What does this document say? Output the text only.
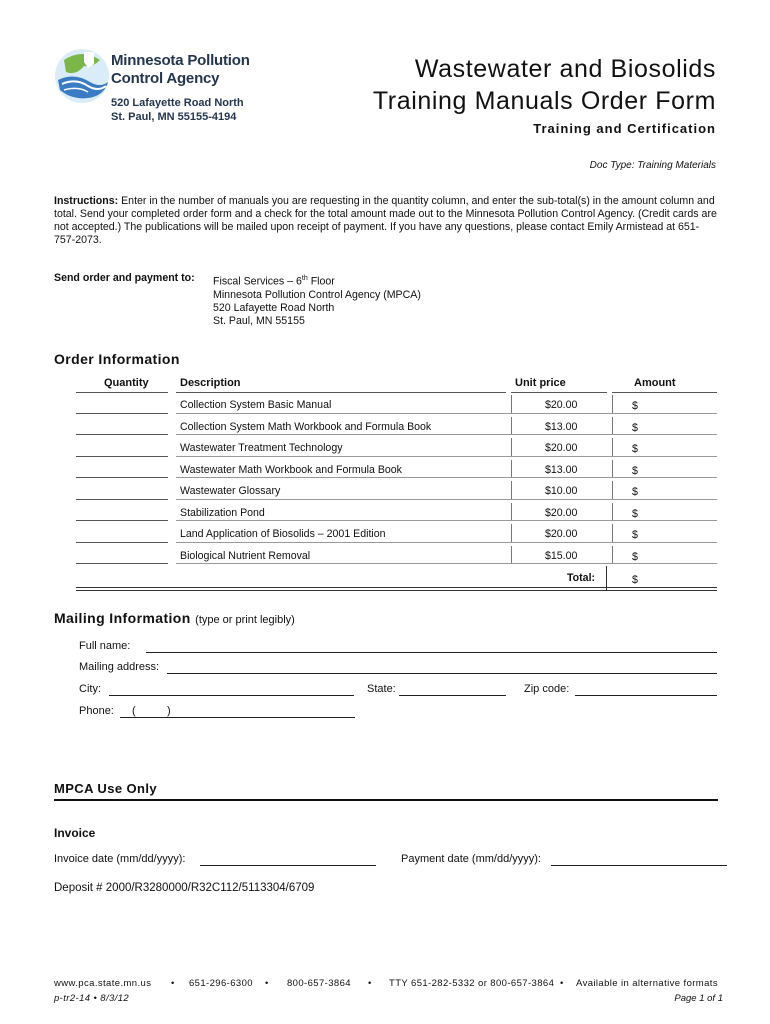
Minnesota Pollution
Control Agency
520 Lafayette Road North
St. Paul, MN 55155-4194
Wastewater and Biosolids
Training Manuals Order Form
Training and Certification
Doc Type: Training Materials
Instructions: Enter in the number of manuals you are requesting in the quantity column, and enter the sub-total(s) in the amount column and total. Send your completed order form and a check for the total amount made out to the Minnesota Pollution Control Agency. (Credit cards are not accepted.) The publications will be mailed upon receipt of payment. If you have any questions, please contact Emily Armistead at 651-757-2073.
Send order and payment to: Fiscal Services – 6th Floor
Minnesota Pollution Control Agency (MPCA)
520 Lafayette Road North
St. Paul, MN 55155
Order Information
Quantity	Description	Unit price	Amount
Collection System Basic Manual	$20.00	$
Collection System Math Workbook and Formula Book	$13.00	$
Wastewater Treatment Technology	$20.00	$
Wastewater Math Workbook and Formula Book	$13.00	$
Wastewater Glossary	$10.00	$
Stabilization Pond	$20.00	$
Land Application of Biosolids – 2001 Edition	$20.00	$
Biological Nutrient Removal	$15.00	$
Total:	$
Mailing Information (type or print legibly)
Full name:
Mailing address:
City:	State:	Zip code:
Phone: (	)
MPCA Use Only
Invoice
Invoice date (mm/dd/yyyy):	Payment date (mm/dd/yyyy):
Deposit # 2000/R3280000/R32C112/5113304/6709
www.pca.state.mn.us • 651-296-6300 • 800-657-3864 • TTY 651-282-5332 or 800-657-3864 • Available in alternative formats
p-tr2-14 • 8/3/12	Page 1 of 1
